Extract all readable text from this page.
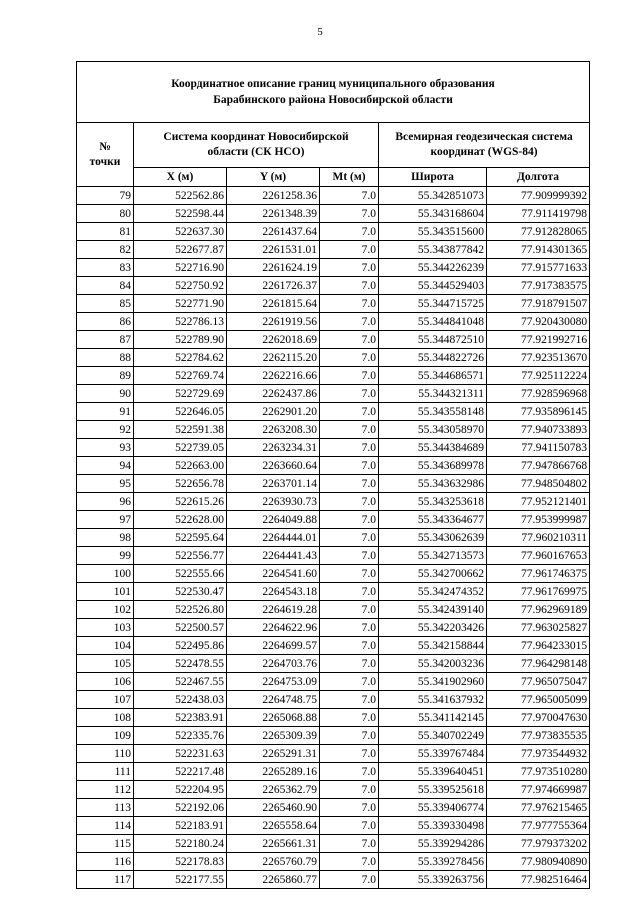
5
Координатное описание границ муниципального образования
Барабинского района Новосибирской области					
№
точки	Система координат Новосибирской
области (СК НСО)			Всемирная геодезическая система
координат (WGS-84)	
	X (м)	Y (м)	Mt (м)	Широта	Долгота
79	522562.86	2261258.36	7.0	55.342851073	77.909999392
80	522598.44	2261348.39	7.0	55.343168604	77.911419798
81	522637.30	2261437.64	7.0	55.343515600	77.912828065
82	522677.87	2261531.01	7.0	55.343877842	77.914301365
83	522716.90	2261624.19	7.0	55.344226239	77.915771633
84	522750.92	2261726.37	7.0	55.344529403	77.917383575
85	522771.90	2261815.64	7.0	55.344715725	77.918791507
86	522786.13	2261919.56	7.0	55.344841048	77.920430080
87	522789.90	2262018.69	7.0	55.344872510	77.921992716
88	522784.62	2262115.20	7.0	55.344822726	77.923513670
89	522769.74	2262216.66	7.0	55.344686571	77.925112224
90	522729.69	2262437.86	7.0	55.344321311	77.928596968
91	522646.05	2262901.20	7.0	55.343558148	77.935896145
92	522591.38	2263208.30	7.0	55.343058970	77.940733893
93	522739.05	2263234.31	7.0	55.344384689	77.941150783
94	522663.00	2263660.64	7.0	55.343689978	77.947866768
95	522656.78	2263701.14	7.0	55.343632986	77.948504802
96	522615.26	2263930.73	7.0	55.343253618	77.952121401
97	522628.00	2264049.88	7.0	55.343364677	77.953999987
98	522595.64	2264444.01	7.0	55.343062639	77.960210311
99	522556.77	2264441.43	7.0	55.342713573	77.960167653
100	522555.66	2264541.60	7.0	55.342700662	77.961746375
101	522530.47	2264543.18	7.0	55.342474352	77.961769975
102	522526.80	2264619.28	7.0	55.342439140	77.962969189
103	522500.57	2264622.96	7.0	55.342203426	77.963025827
104	522495.86	2264699.57	7.0	55.342158844	77.964233015
105	522478.55	2264703.76	7.0	55.342003236	77.964298148
106	522467.55	2264753.09	7.0	55.341902960	77.965075047
107	522438.03	2264748.75	7.0	55.341637932	77.965005099
108	522383.91	2265068.88	7.0	55.341142145	77.970047630
109	522335.76	2265309.39	7.0	55.340702249	77.973835535
110	522231.63	2265291.31	7.0	55.339767484	77.973544932
111	522217.48	2265289.16	7.0	55.339640451	77.973510280
112	522204.95	2265362.79	7.0	55.339525618	77.974669987
113	522192.06	2265460.90	7.0	55.339406774	77.976215465
114	522183.91	2265558.64	7.0	55.339330498	77.977755364
115	522180.24	2265661.31	7.0	55.339294286	77.979373202
116	522178.83	2265760.79	7.0	55.339278456	77.980940890
117	522177.55	2265860.77	7.0	55.339263756	77.982516464
